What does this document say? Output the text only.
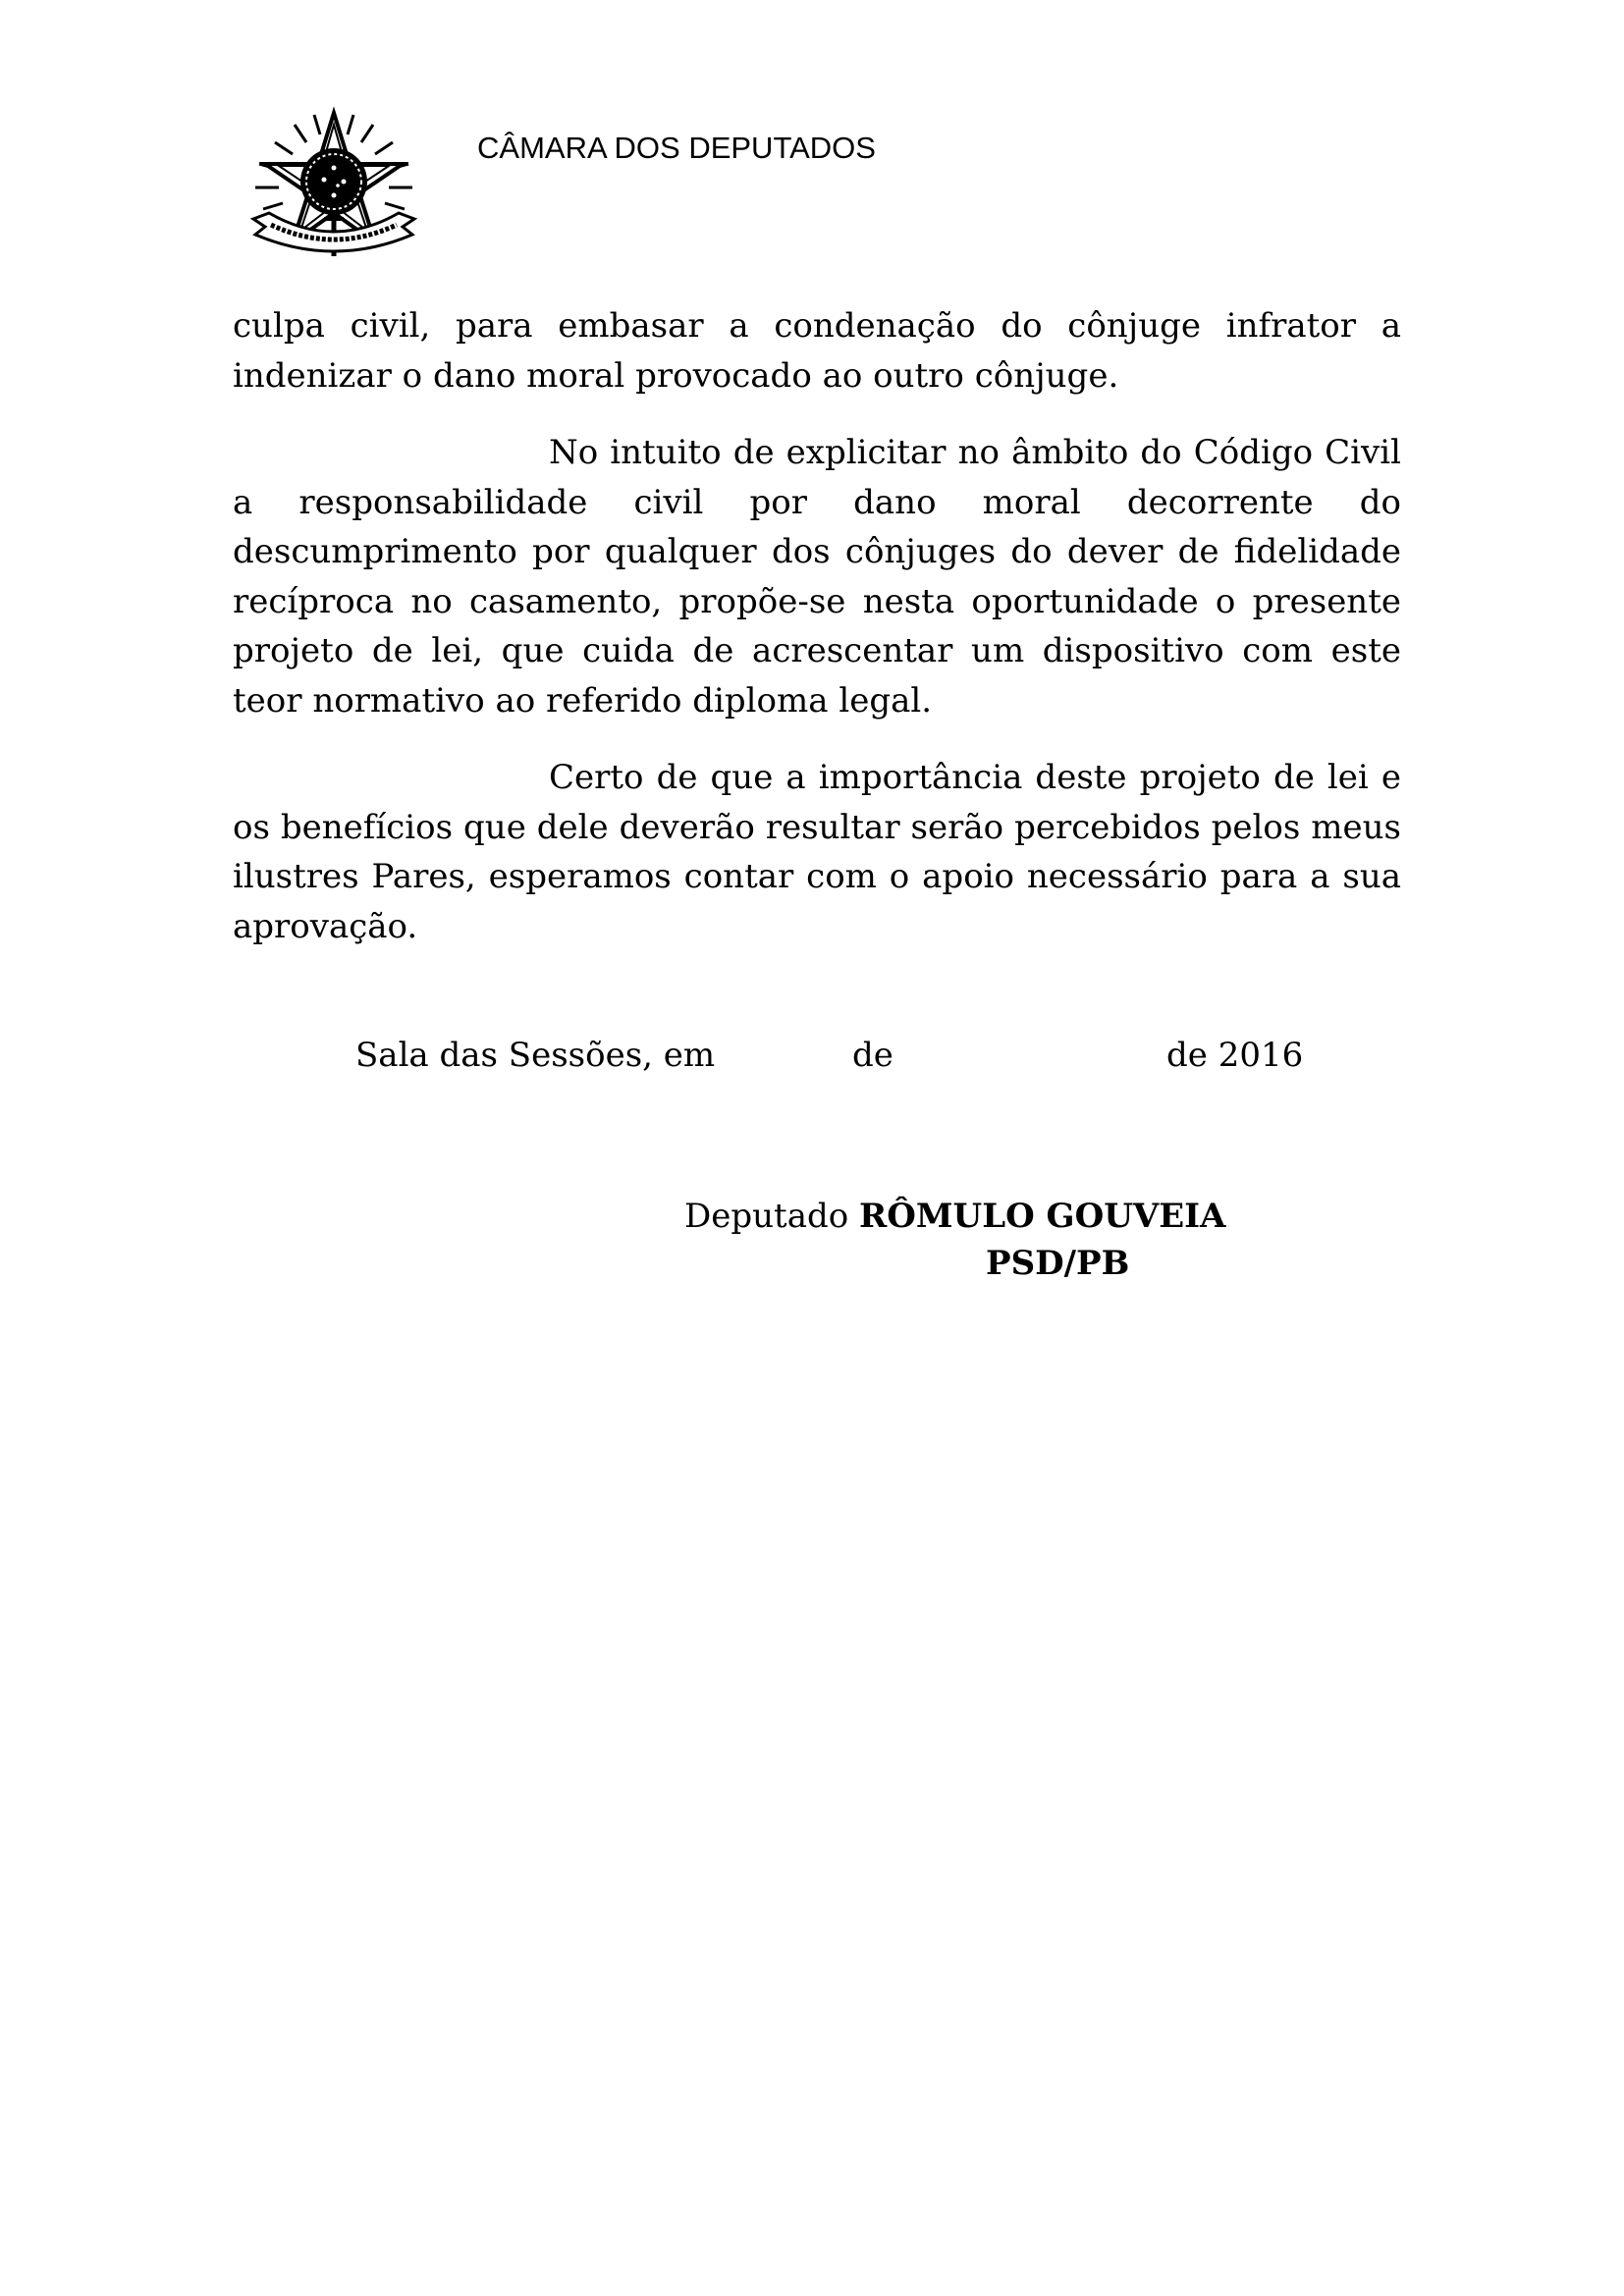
CÂMARA DOS DEPUTADOS

culpa civil, para embasar a condenação do cônjuge infrator a indenizar o dano moral provocado ao outro cônjuge.

No intuito de explicitar no âmbito do Código Civil a responsabilidade civil por dano moral decorrente do descumprimento por qualquer dos cônjuges do dever de fidelidade recíproca no casamento, propõe-se nesta oportunidade o presente projeto de lei, que cuida de acrescentar um dispositivo com este teor normativo ao referido diploma legal.

Certo de que a importância deste projeto de lei e os benefícios que dele deverão resultar serão percebidos pelos meus ilustres Pares, esperamos contar com o apoio necessário para a sua aprovação.

Sala das Sessões, em	de	de 2016
Deputado RÔMULO GOUVEIA
PSD/PB
